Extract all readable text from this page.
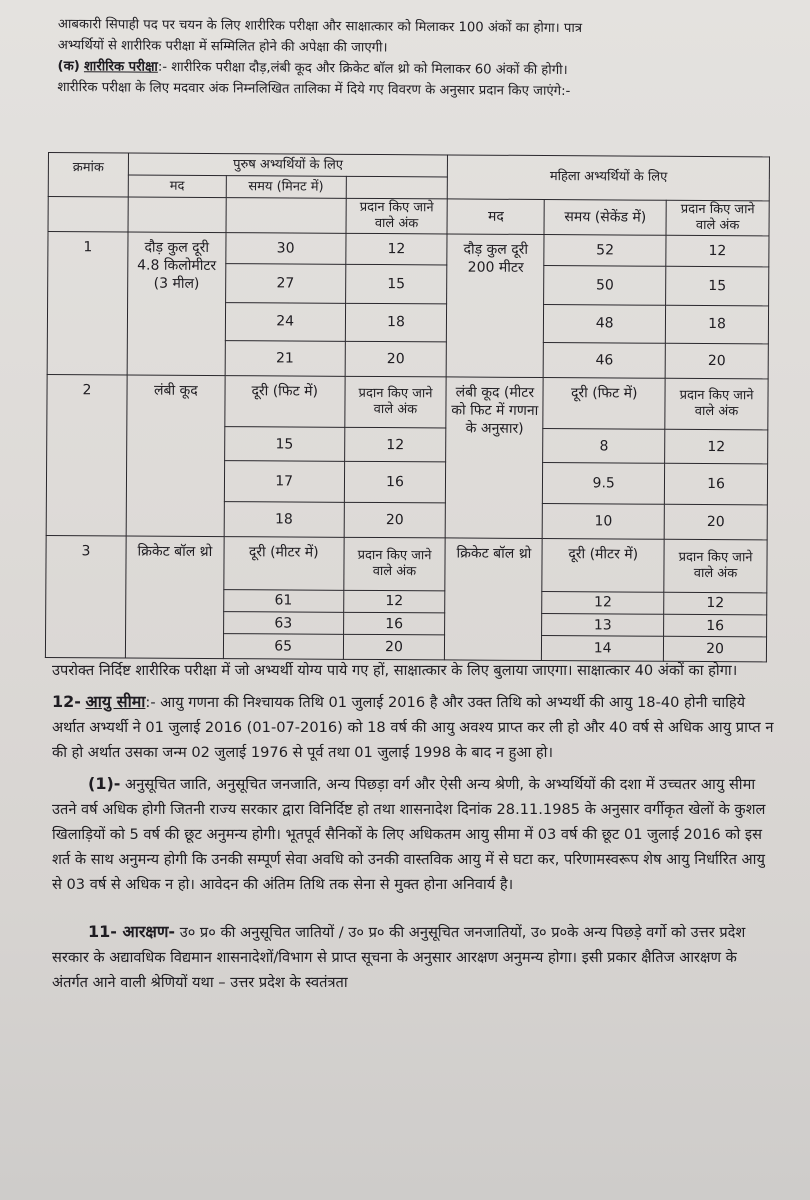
आबकारी सिपाही पद पर चयन के लिए शारीरिक परीक्षा और साक्षात्कार को मिलाकर 100 अंकों का होगा। पात्र

अभ्यर्थियों से शारीरिक परीक्षा में सम्मिलित होने की अपेक्षा की जाएगी।

(क) शारीरिक परीक्षा:- शारीरिक परीक्षा दौड़,लंबी कूद और क्रिकेट बॉल थ्रो को मिलाकर 60 अंकों की होगी।

शारीरिक परीक्षा के लिए मदवार अंक निम्नलिखित तालिका में दिये गए विवरण के अनुसार प्रदान किए जाएंगे:-

क्रमांक	पुरुष अभ्यर्थियों के लिए			महिला अभ्यर्थियों के लिए		
	मद	समय (मिनट में)				
			प्रदान किए जाने वाले अंक	मद	समय (सेकेंड में)	प्रदान किए जाने वाले अंक
1	दौड़ कुल दूरी 4.8 किलोमीटर (3 मील)	30	12	दौड़ कुल दूरी 200 मीटर	52	12
		27	15		50	15
		24	18		48	18
		21	20		46	20
2	लंबी कूद	दूरी (फिट में)	प्रदान किए जाने वाले अंक	लंबी कूद (मीटर को फिट में गणना के अनुसार)	दूरी (फिट में)	प्रदान किए जाने वाले अंक
		15	12		8	12
		17	16		9.5	16
		18	20		10	20
3	क्रिकेट बॉल थ्रो	दूरी (मीटर में)	प्रदान किए जाने वाले अंक	क्रिकेट बॉल थ्रो	दूरी (मीटर में)	प्रदान किए जाने वाले अंक
		61	12		12	12
		63	16		13	16
		65	20		14	20

उपरोक्त निर्दिष्ट शारीरिक परीक्षा में जो अभ्यर्थी योग्य पाये गए हों, साक्षात्कार के लिए बुलाया जाएगा। साक्षात्कार 40 अंकों का होगा।

12- आयु सीमा:- आयु गणना की निश्चायक तिथि 01 जुलाई 2016 है और उक्त तिथि को अभ्यर्थी की आयु 18-40 होनी चाहिये अर्थात अभ्यर्थी ने 01 जुलाई 2016 (01-07-2016) को 18 वर्ष की आयु अवश्य प्राप्त कर ली हो और 40 वर्ष से अधिक आयु प्राप्त न की हो अर्थात उसका जन्म 02 जुलाई 1976 से पूर्व तथा 01 जुलाई 1998 के बाद न हुआ हो।

(1)- अनुसूचित जाति, अनुसूचित जनजाति, अन्य पिछड़ा वर्ग और ऐसी अन्य श्रेणी, के अभ्यर्थियों की दशा में उच्चतर आयु सीमा उतने वर्ष अधिक होगी जितनी राज्य सरकार द्वारा विनिर्दिष्ट हो तथा शासनादेश दिनांक 28.11.1985 के अनुसार वर्गीकृत खेलों के कुशल खिलाड़ियों को 5 वर्ष की छूट अनुमन्य होगी। भूतपूर्व सैनिकों के लिए अधिकतम आयु सीमा में 03 वर्ष की छूट 01 जुलाई 2016 को इस शर्त के साथ अनुमन्य होगी कि उनकी सम्पूर्ण सेवा अवधि को उनकी वास्तविक आयु में से घटा कर, परिणामस्वरूप शेष आयु निर्धारित आयु से 03 वर्ष से अधिक न हो। आवेदन की अंतिम तिथि तक सेना से मुक्त होना अनिवार्य है।

11- आरक्षण- उ० प्र० की अनुसूचित जातियों / उ० प्र० की अनुसूचित जनजातियों, उ० प्र०के अन्य पिछड़े वर्गो को उत्तर प्रदेश सरकार के अद्यावधिक विद्यमान शासनादेशों/विभाग से प्राप्त सूचना के अनुसार आरक्षण अनुमन्य होगा। इसी प्रकार क्षैतिज आरक्षण के अंतर्गत आने वाली श्रेणियों यथा – उत्तर प्रदेश के स्वतंत्रता
